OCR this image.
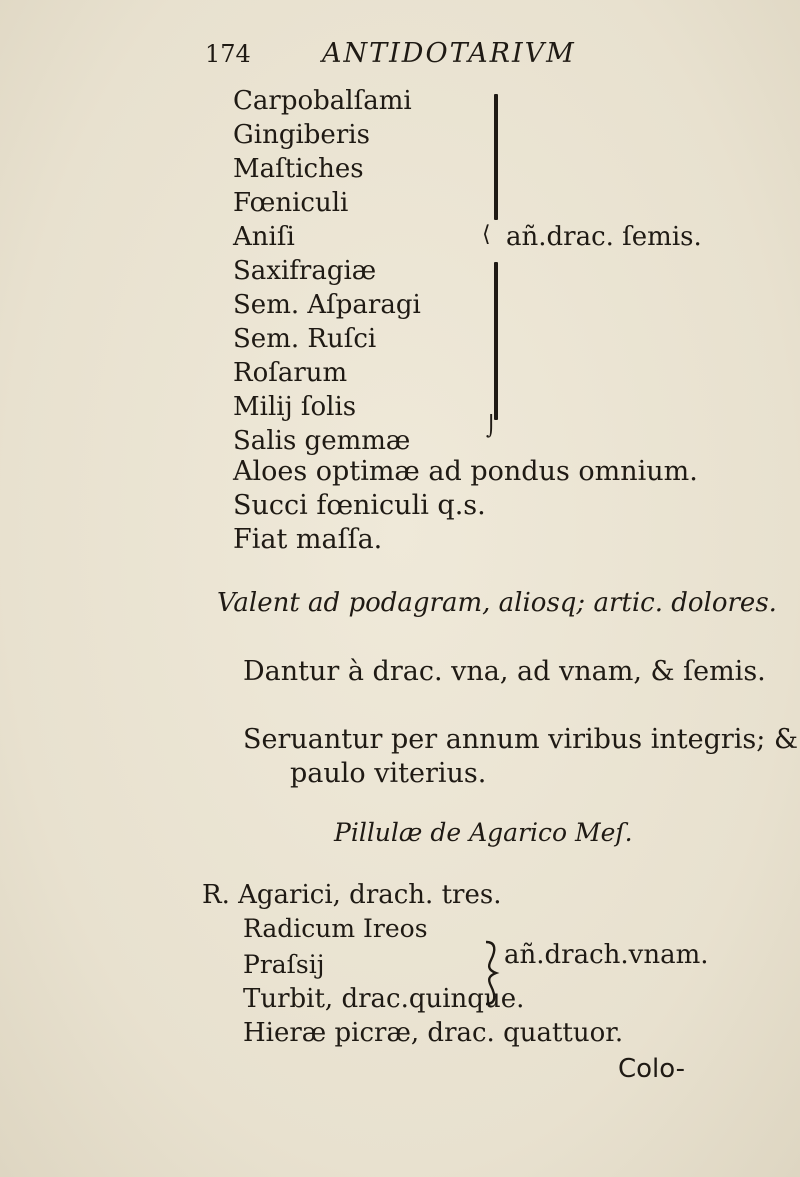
174	ANTIDOTARIVM
Carpobalſami
Gingiberis
Maſtiches
Fœniculi
Aniſi
Saxifragiæ
Sem. Aſparagi
Sem. Ruſci
Roſarum
Milij ſolis
Salis gemmæ
⟨
⌡
añ.drac. ſemis.
Aloes optimæ ad pondus omnium.
Succi fœniculi q.s.
Fiat maſſa.
Valent ad podagram, aliosq; artic. dolores.
Dantur à drac. vna, ad vnam, & ſemis.
Seruantur per annum viribus integris; &
paulo viterius.
Pillulæ de Agarico Meſ.
R. Agarici, drach. tres.
Radicum Ireos
Praſsij	añ.drach.vnam.
Turbit, drac.quinque.
Hieræ picræ, drac. quattuor.
Colo-
